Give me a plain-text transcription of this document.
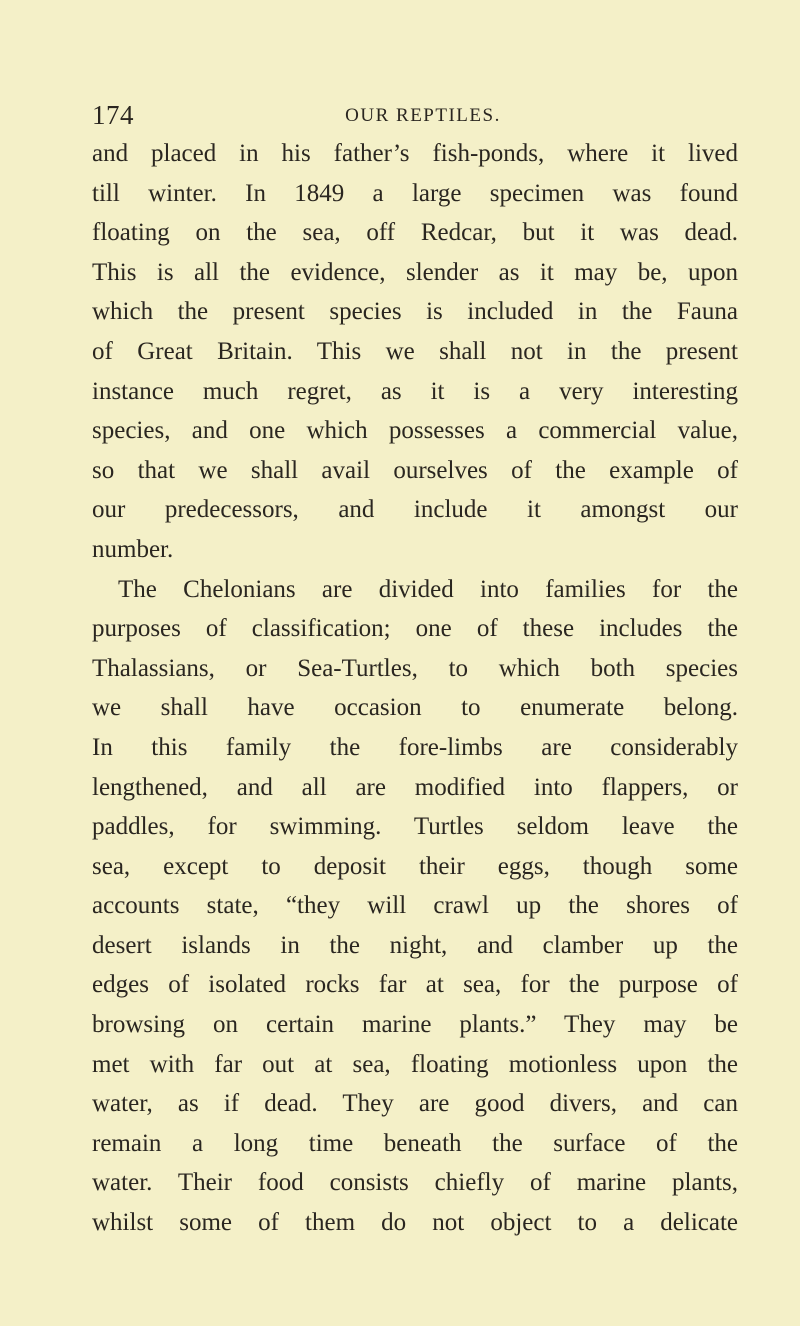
174	OUR REPTILES.
and placed in his father’s fish-ponds, where it lived
till winter. In 1849 a large specimen was found
floating on the sea, off Redcar, but it was dead.
This is all the evidence, slender as it may be, upon
which the present species is included in the Fauna
of Great Britain. This we shall not in the present
instance much regret, as it is a very interesting
species, and one which possesses a commercial value,
so that we shall avail ourselves of the example of
our predecessors, and include it amongst our
number.
The Chelonians are divided into families for the
purposes of classification; one of these includes the
Thalassians, or Sea-Turtles, to which both species
we shall have occasion to enumerate belong.
In this family the fore-limbs are considerably
lengthened, and all are modified into flappers, or
paddles, for swimming. Turtles seldom leave the
sea, except to deposit their eggs, though some
accounts state, “they will crawl up the shores of
desert islands in the night, and clamber up the
edges of isolated rocks far at sea, for the purpose of
browsing on certain marine plants.” They may be
met with far out at sea, floating motionless upon the
water, as if dead. They are good divers, and can
remain a long time beneath the surface of the
water. Their food consists chiefly of marine plants,
whilst some of them do not object to a delicate
